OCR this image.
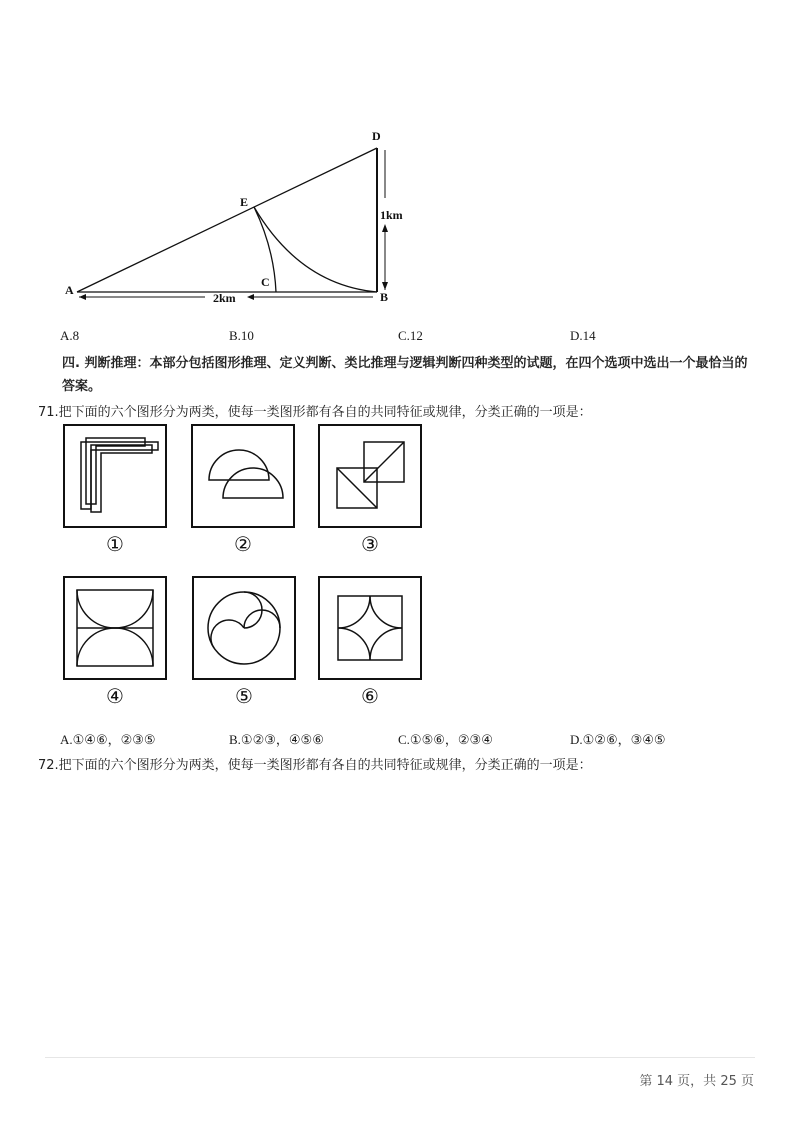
A	B
C
D
E
2km
1km
A.8	B.10	C.12	D.14
四. 判断推理：本部分包括图形推理、定义判断、类比推理与逻辑判断四种类型的试题，在四个选项中选出一个最恰当的答案。
71.把下面的六个图形分为两类，使每一类图形都有各自的共同特征或规律，分类正确的一项是：
①	②	③
④	⑤	⑥
A.①④⑥，②③⑤	B.①②③，④⑤⑥	C.①⑤⑥，②③④	D.①②⑥，③④⑤
72.把下面的六个图形分为两类，使每一类图形都有各自的共同特征或规律，分类正确的一项是：
第 14 页，共 25 页
